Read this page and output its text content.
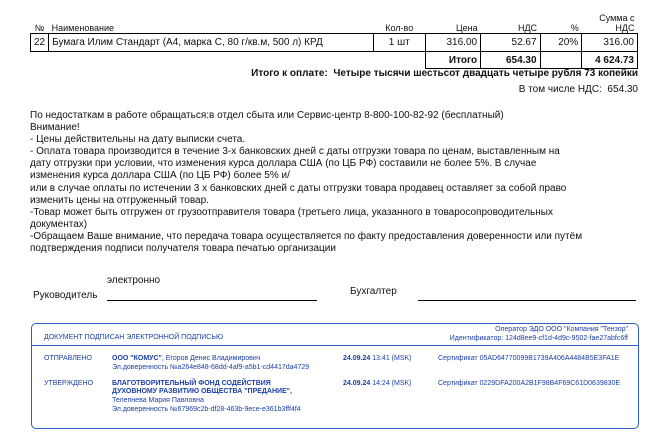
№	Наименование	Кол-во	Цена	НДС	%	Сумма с
НДС
22	Бумага Илим Стандарт (А4, марка С, 80 г/кв.м, 500 л) КРД	1 шт	316.00	52.67	20%	316.00
			Итого	654.30		4 624.73
Итого к оплате: Четыре тысячи шестьсот двадцать четыре рубля 73 копейки
В том числе НДС: 654.30
По недостаткам в работе обращаться:в отдел сбыта или Сервис-центр 8-800-100-82-92 (бесплатный)
Внимание!
- Цены действительны на дату выписки счета.
- Оплата товара производится в течение 3-х банковских дней с даты отгрузки товара по ценам, выставленным на
дату отгрузки при условии, что изменения курса доллара США (по ЦБ РФ) составили не более 5%. В случае
изменения курса доллара США (по ЦБ РФ) более 5% и/
или в случае оплаты по истечении 3 х банковских дней с даты отгрузки товара продавец оставляет за собой право
изменить цены на отгруженный товар.
-Товар может быть отгружен от грузоотправителя товара (третьего лица, указанного в товаросопроводительных
документах)
-Обращаем Ваше внимание, что передача товара осуществляется по факту предоставления доверенности или путём
подтверждения подписи получателя товара печатью организации
электронно
Руководитель	Бухгалтер
ДОКУМЕНТ ПОДПИСАН ЭЛЕКТРОННОЙ ПОДПИСЬЮ
Оператор ЭДО ООО "Компания "Тензор"
Идентификатор: 124d8ee9-cf1d-4d9c-9502-fae27abfc6ff
ОТПРАВЛЕНО	ООО "КОМУС", Егоров Денис Владимирович
Эл.доверенность №a264e848-68dd-4af9-a5b1-cd4417da4729
24.09.24 13:41 (MSK)	Сертификат 05AD64770099B1739A406A4484B5E3FA1E
УТВЕРЖДЕНО	БЛАГОТВОРИТЕЛЬНЫЙ ФОНД СОДЕЙСТВИЯ
ДУХОВНОМУ РАЗВИТИЮ ОБЩЕСТВА "ПРЕДАНИЕ",
Телепнева Мария Павловна
Эл.доверенность №67969c2b-df28-463b-9ece-e361b3fff4f4
24.09.24 14:24 (MSK)	Сертификат 0229DFA200A2B1F98B4F69C61D0639830E
